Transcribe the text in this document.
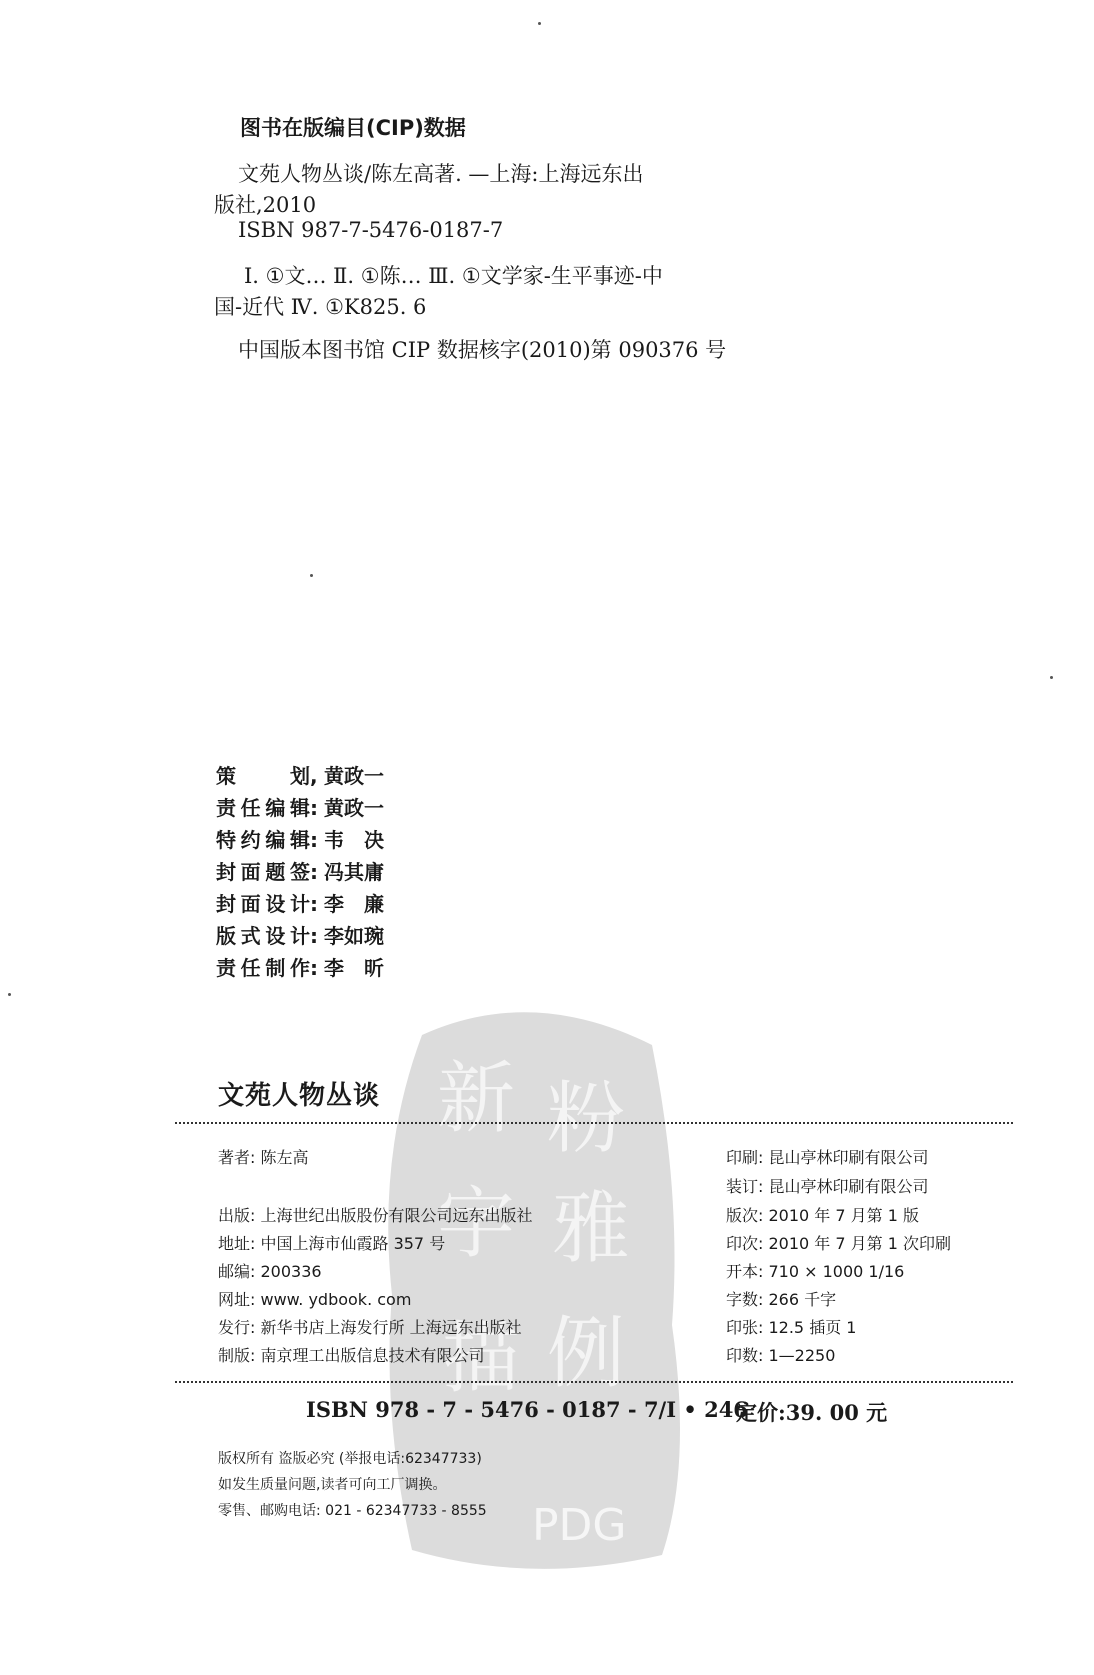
新
雅
字
例
描
粉
PDG
图书在版编目(CIP)数据
文苑人物丛谈/陈左高著. —上海:上海远东出
版社,2010
ISBN 987-7-5476-0187-7
Ⅰ. ①文… Ⅱ. ①陈… Ⅲ. ①文学家-生平事迹-中
国-近代 Ⅳ. ①K825. 6
中国版本图书馆 CIP 数据核字(2010)第 090376 号
策划, 黄政一
责任编辑: 黄政一
特约编辑: 韦　决
封面题签: 冯其庸
封面设计: 李　廉
版式设计: 李如琬
责任制作: 李　昕
文苑人物丛谈
著者: 陈左高
出版: 上海世纪出版股份有限公司远东出版社
地址: 中国上海市仙霞路 357 号
邮编: 200336
网址: www. ydbook. com
发行: 新华书店上海发行所 上海远东出版社
制版: 南京理工出版信息技术有限公司
印刷: 昆山亭林印刷有限公司
装订: 昆山亭林印刷有限公司
版次: 2010 年 7 月第 1 版
印次: 2010 年 7 月第 1 次印刷
开本: 710 × 1000 1/16
字数: 266 千字
印张: 12.5 插页 1
印数: 1—2250
ISBN 978 - 7 - 5476 - 0187 - 7/I • 246
定价:39. 00 元
版权所有 盗版必究 (举报电话:62347733)
如发生质量问题,读者可向工厂调换。
零售、邮购电话: 021 - 62347733 - 8555
